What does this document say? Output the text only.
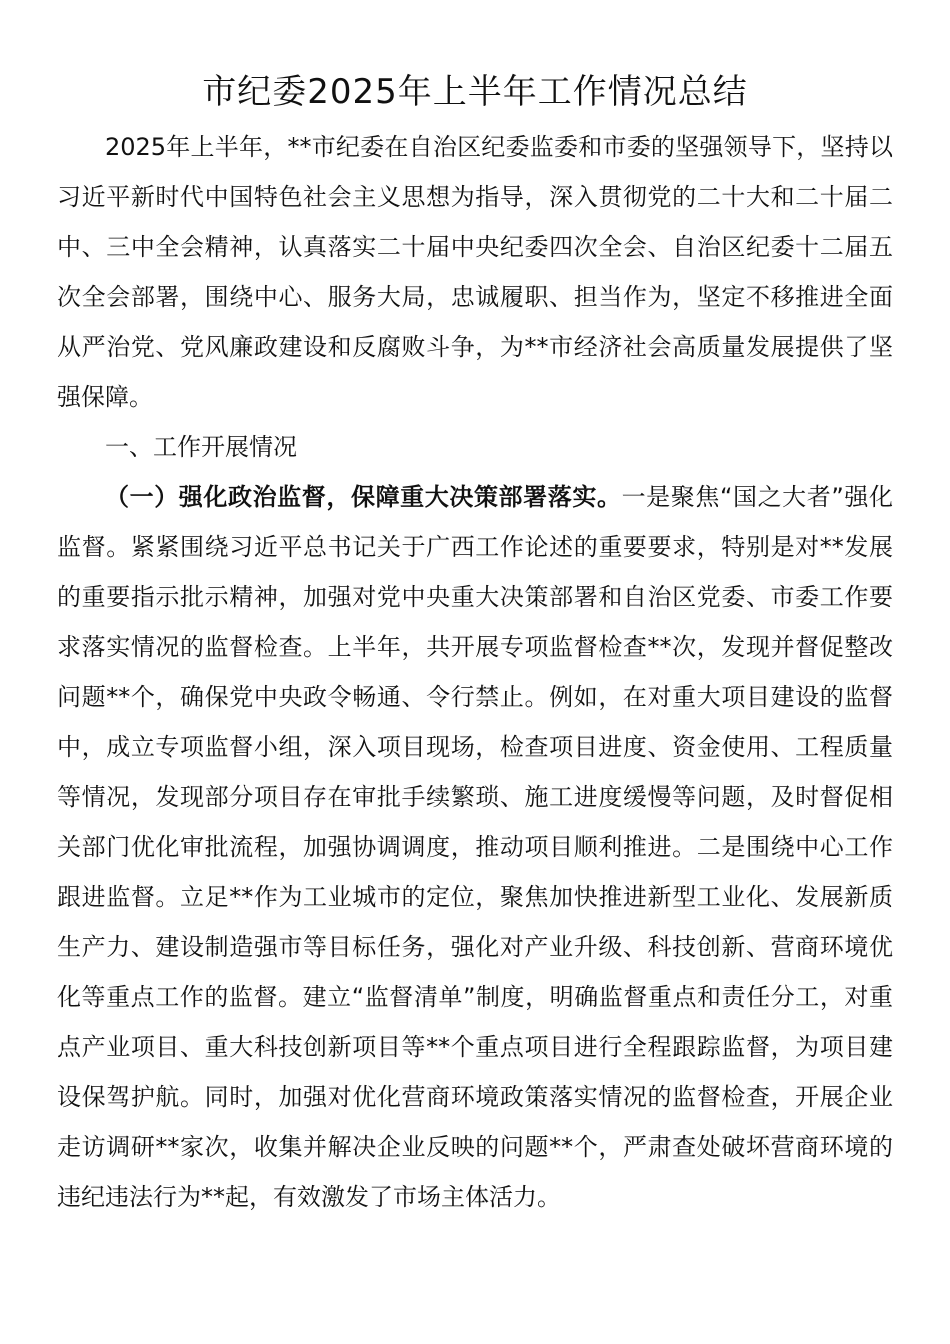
市纪委2025年上半年工作情况总结

2025年上半年，**市纪委在自治区纪委监委和市委的坚强领导下，坚持以习近平新时代中国特色社会主义思想为指导，深入贯彻党的二十大和二十届二中、三中全会精神，认真落实二十届中央纪委四次全会、自治区纪委十二届五次全会部署，围绕中心、服务大局，忠诚履职、担当作为，坚定不移推进全面从严治党、党风廉政建设和反腐败斗争，为**市经济社会高质量发展提供了坚强保障。

一、工作开展情况

（一）强化政治监督，保障重大决策部署落实。一是聚焦“国之大者”强化监督。紧紧围绕习近平总书记关于广西工作论述的重要要求，特别是对**发展的重要指示批示精神，加强对党中央重大决策部署和自治区党委、市委工作要求落实情况的监督检查。上半年，共开展专项监督检查**次，发现并督促整改问题**个，确保党中央政令畅通、令行禁止。例如，在对重大项目建设的监督中，成立专项监督小组，深入项目现场，检查项目进度、资金使用、工程质量等情况，发现部分项目存在审批手续繁琐、施工进度缓慢等问题，及时督促相关部门优化审批流程，加强协调调度，推动项目顺利推进。二是围绕中心工作跟进监督。立足**作为工业城市的定位，聚焦加快推进新型工业化、发展新质生产力、建设制造强市等目标任务，强化对产业升级、科技创新、营商环境优化等重点工作的监督。建立“监督清单”制度，明确监督重点和责任分工，对重点产业项目、重大科技创新项目等**个重点项目进行全程跟踪监督，为项目建设保驾护航。同时，加强对优化营商环境政策落实情况的监督检查，开展企业走访调研**家次，收集并解决企业反映的问题**个，严肃查处破坏营商环境的违纪违法行为**起，有效激发了市场主体活力。
